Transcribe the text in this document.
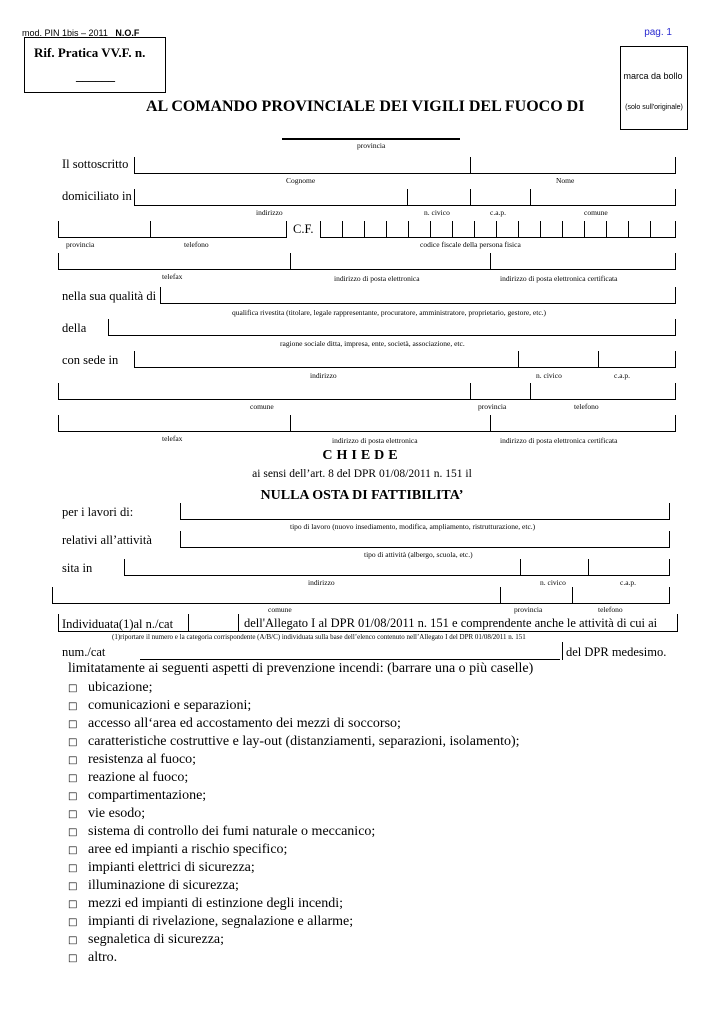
mod. PIN 1bis – 2011 N.O.F	pag. 1
Rif. Pratica VV.F. n.
______	marca da bollo
(solo sull'originale)
AL COMANDO PROVINCIALE DEI VIGILI DEL FUOCO DI
provincia
Il sottoscritto
Cognome	Nome
domiciliato in
indirizzo	n. civico	c.a.p.	comune
C.F.
provincia	telefono	codice fiscale della persona fisica
telefax	indirizzo di posta elettronica	indirizzo di posta elettronica certificata
nella sua qualità di
qualifica rivestita (titolare, legale rappresentante, procuratore, amministratore, proprietario, gestore, etc.)
della
ragione sociale ditta, impresa, ente, società, associazione, etc.
con sede in
indirizzo	n. civico	c.a.p.
comune	provincia	telefono
telefax	indirizzo di posta elettronica	indirizzo di posta elettronica certificata
CHIEDE
ai sensi dell’art. 8 del DPR 01/08/2011 n. 151 il
NULLA OSTA DI FATTIBILITA’
per i lavori di:
tipo di lavoro (nuovo insediamento, modifica, ampliamento, ristrutturazione, etc.)
relativi all’attività
tipo di attività (albergo, scuola, etc.)
sita in
indirizzo	n. civico	c.a.p.
comune	provincia	telefono
Individuata(1)al n./cat	dell'Allegato I al DPR 01/08/2011 n. 151 e comprendente anche le attività di cui ai
(1)riportare il numero e la categoria corrispondente (A/B/C) individuata sulla base dell’elenco contenuto nell’Allegato I del DPR 01/08/2011 n. 151
num./cat	del DPR medesimo.
limitatamente ai seguenti aspetti di prevenzione incendi: (barrare una o più caselle)
□ ubicazione;
□ comunicazioni e separazioni;
□ accesso all‘area ed accostamento dei mezzi di soccorso;
□ caratteristiche costruttive e lay-out (distanziamenti, separazioni, isolamento);
□ resistenza al fuoco;
□ reazione al fuoco;
□ compartimentazione;
□ vie esodo;
□ sistema di controllo dei fumi naturale o meccanico;
□ aree ed impianti a rischio specifico;
□ impianti elettrici di sicurezza;
□ illuminazione di sicurezza;
□ mezzi ed impianti di estinzione degli incendi;
□ impianti di rivelazione, segnalazione e allarme;
□ segnaletica di sicurezza;
□ altro.
